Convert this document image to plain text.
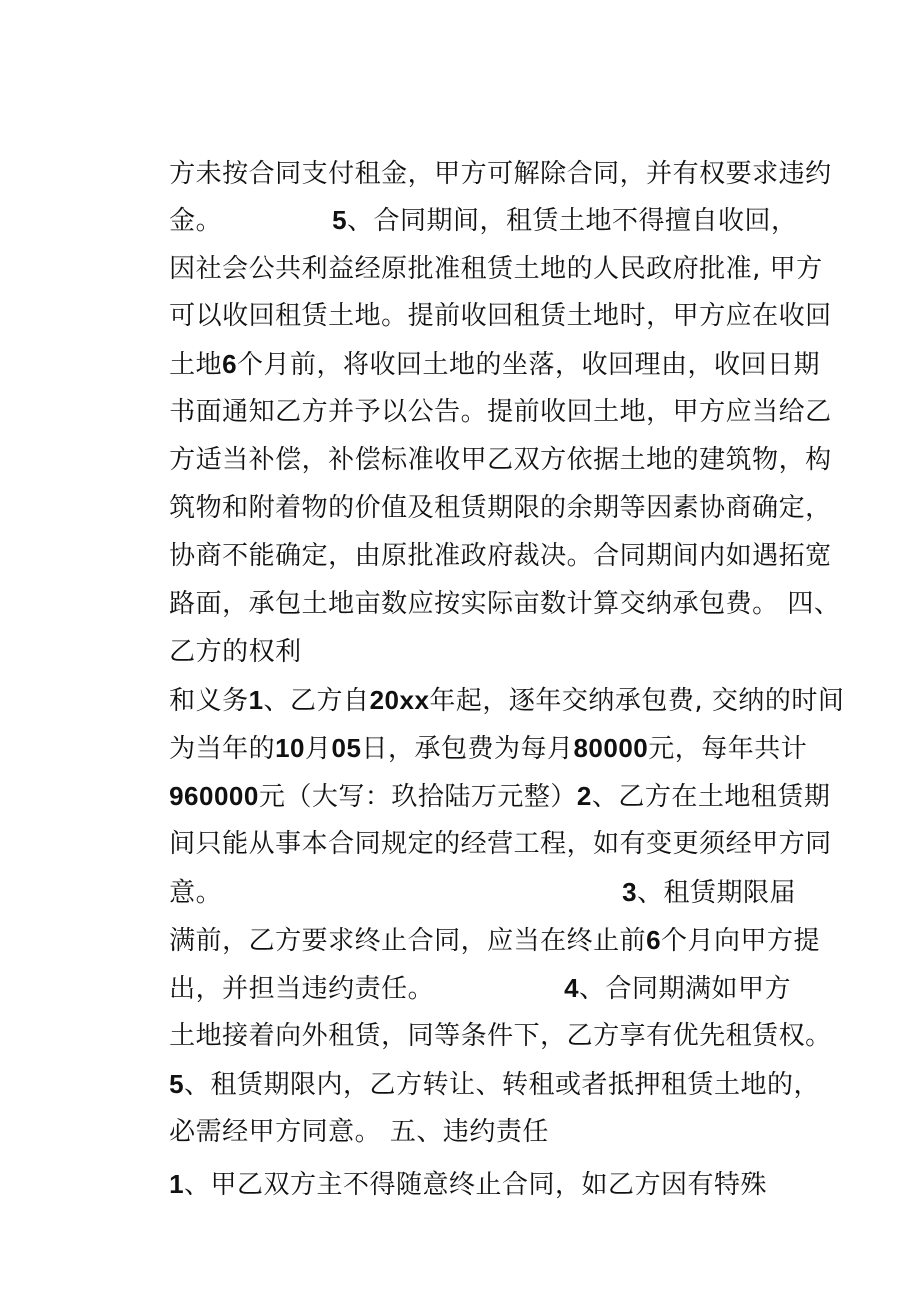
方未按合同支付租金，甲方可解除合同，并有权要求违约

金。	5、合同期间，租赁土地不得擅自收回，

因社会公共利益经原批准租赁土地的人民政府批准, 甲方

可以收回租赁土地。提前收回租赁土地时，甲方应在收回

土地6个月前，将收回土地的坐落，收回理由，收回日期

书面通知乙方并予以公告。提前收回土地，甲方应当给乙

方适当补偿，补偿标准收甲乙双方依据土地的建筑物，构

筑物和附着物的价值及租赁期限的余期等因素协商确定，

协商不能确定，由原批准政府裁决。合同期间内如遇拓宽

路面，承包土地亩数应按实际亩数计算交纳承包费。 四、

乙方的权利

和义务1、乙方自20xx年起，逐年交纳承包费, 交纳的时间

为当年的10月05日，承包费为每月80000元，每年共计

960000元（大写：玖拾陆万元整）2、乙方在土地租赁期

间只能从事本合同规定的经营工程，如有变更须经甲方同

意。	3、租赁期限届

满前，乙方要求终止合同，应当在终止前6个月向甲方提

出，并担当违约责任。	4、合同期满如甲方

土地接着向外租赁，同等条件下，乙方享有优先租赁权。

5、租赁期限内，乙方转让、转租或者抵押租赁土地的，

必需经甲方同意。 五、违约责任

1、甲乙双方主不得随意终止合同，如乙方因有特殊
